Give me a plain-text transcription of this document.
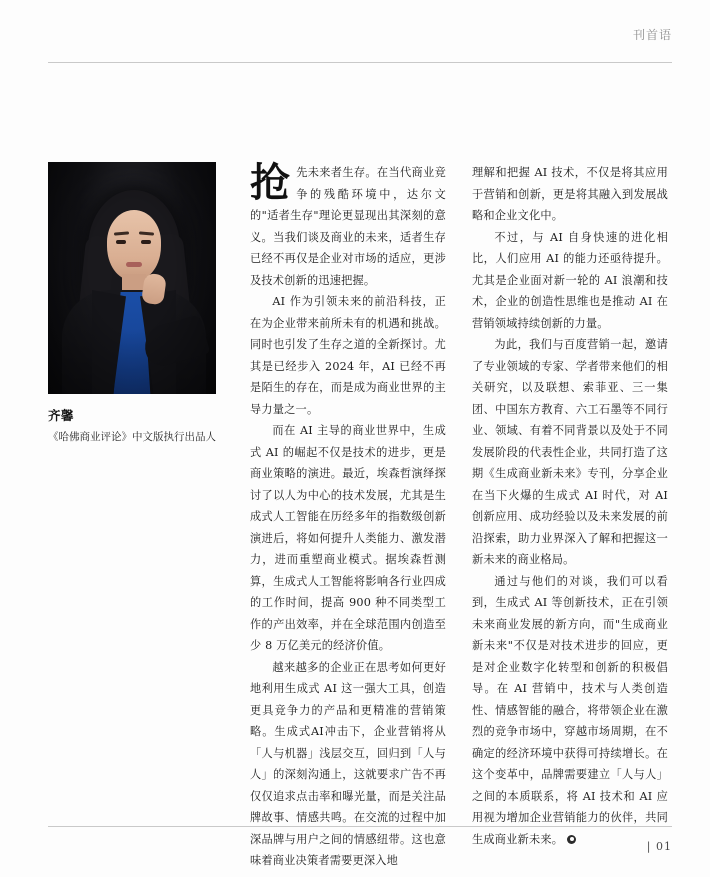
刊首语
齐馨
《哈佛商业评论》中文版执行出品人

抢先未来者生存。在当代商业竞争的残酷环境中，达尔文的"适者生存"理论更显现出其深刻的意义。当我们谈及商业的未来，适者生存已经不再仅是企业对市场的适应，更涉及技术创新的迅速把握。

AI 作为引领未来的前沿科技，正在为企业带来前所未有的机遇和挑战。同时也引发了生存之道的全新探讨。尤其是已经步入 2024 年，AI 已经不再是陌生的存在，而是成为商业世界的主导力量之一。

而在 AI 主导的商业世界中，生成式 AI 的崛起不仅是技术的进步，更是商业策略的演进。最近，埃森哲演绎探讨了以人为中心的技术发展，尤其是生成式人工智能在历经多年的指数级创新演进后，将如何提升人类能力、激发潜力，进而重塑商业模式。据埃森哲测算，生成式人工智能将影响各行业四成的工作时间，提高 900 种不同类型工作的产出效率，并在全球范围内创造至少 8 万亿美元的经济价值。

越来越多的企业正在思考如何更好地利用生成式 AI 这一强大工具，创造更具竞争力的产品和更精准的营销策略。生成式AI冲击下，企业营销将从「人与机器」浅层交互，回归到「人与人」的深刻沟通上，这就要求广告不再仅仅追求点击率和曝光量，而是关注品牌故事、情感共鸣。在交流的过程中加深品牌与用户之间的情感纽带。这也意味着商业决策者需要更深入地

理解和把握 AI 技术，不仅是将其应用于营销和创新，更是将其融入到发展战略和企业文化中。

不过，与 AI 自身快速的进化相比，人们应用 AI 的能力还亟待提升。尤其是企业面对新一轮的 AI 浪潮和技术，企业的创造性思维也是推动 AI 在营销领域持续创新的力量。

为此，我们与百度营销一起，邀请了专业领域的专家、学者带来他们的相关研究，以及联想、索菲亚、三一集团、中国东方教育、六工石墨等不同行业、领域、有着不同背景以及处于不同发展阶段的代表性企业，共同打造了这期《生成商业新未来》专刊，分享企业在当下火爆的生成式 AI 时代，对 AI 创新应用、成功经验以及未来发展的前沿探索，助力业界深入了解和把握这一新未来的商业格局。

通过与他们的对谈，我们可以看到，生成式 AI 等创新技术，正在引领未来商业发展的新方向，而"生成商业新未来"不仅是对技术进步的回应，更是对企业数字化转型和创新的积极倡导。在 AI 营销中，技术与人类创造性、情感智能的融合，将带领企业在激烈的竞争市场中，穿越市场周期，在不确定的经济环境中获得可持续增长。在这个变革中，品牌需要建立「人与人」之间的本质联系，将 AI 技术和 AI 应用视为增加企业营销能力的伙伴，共同生成商业新未来。

| 01
